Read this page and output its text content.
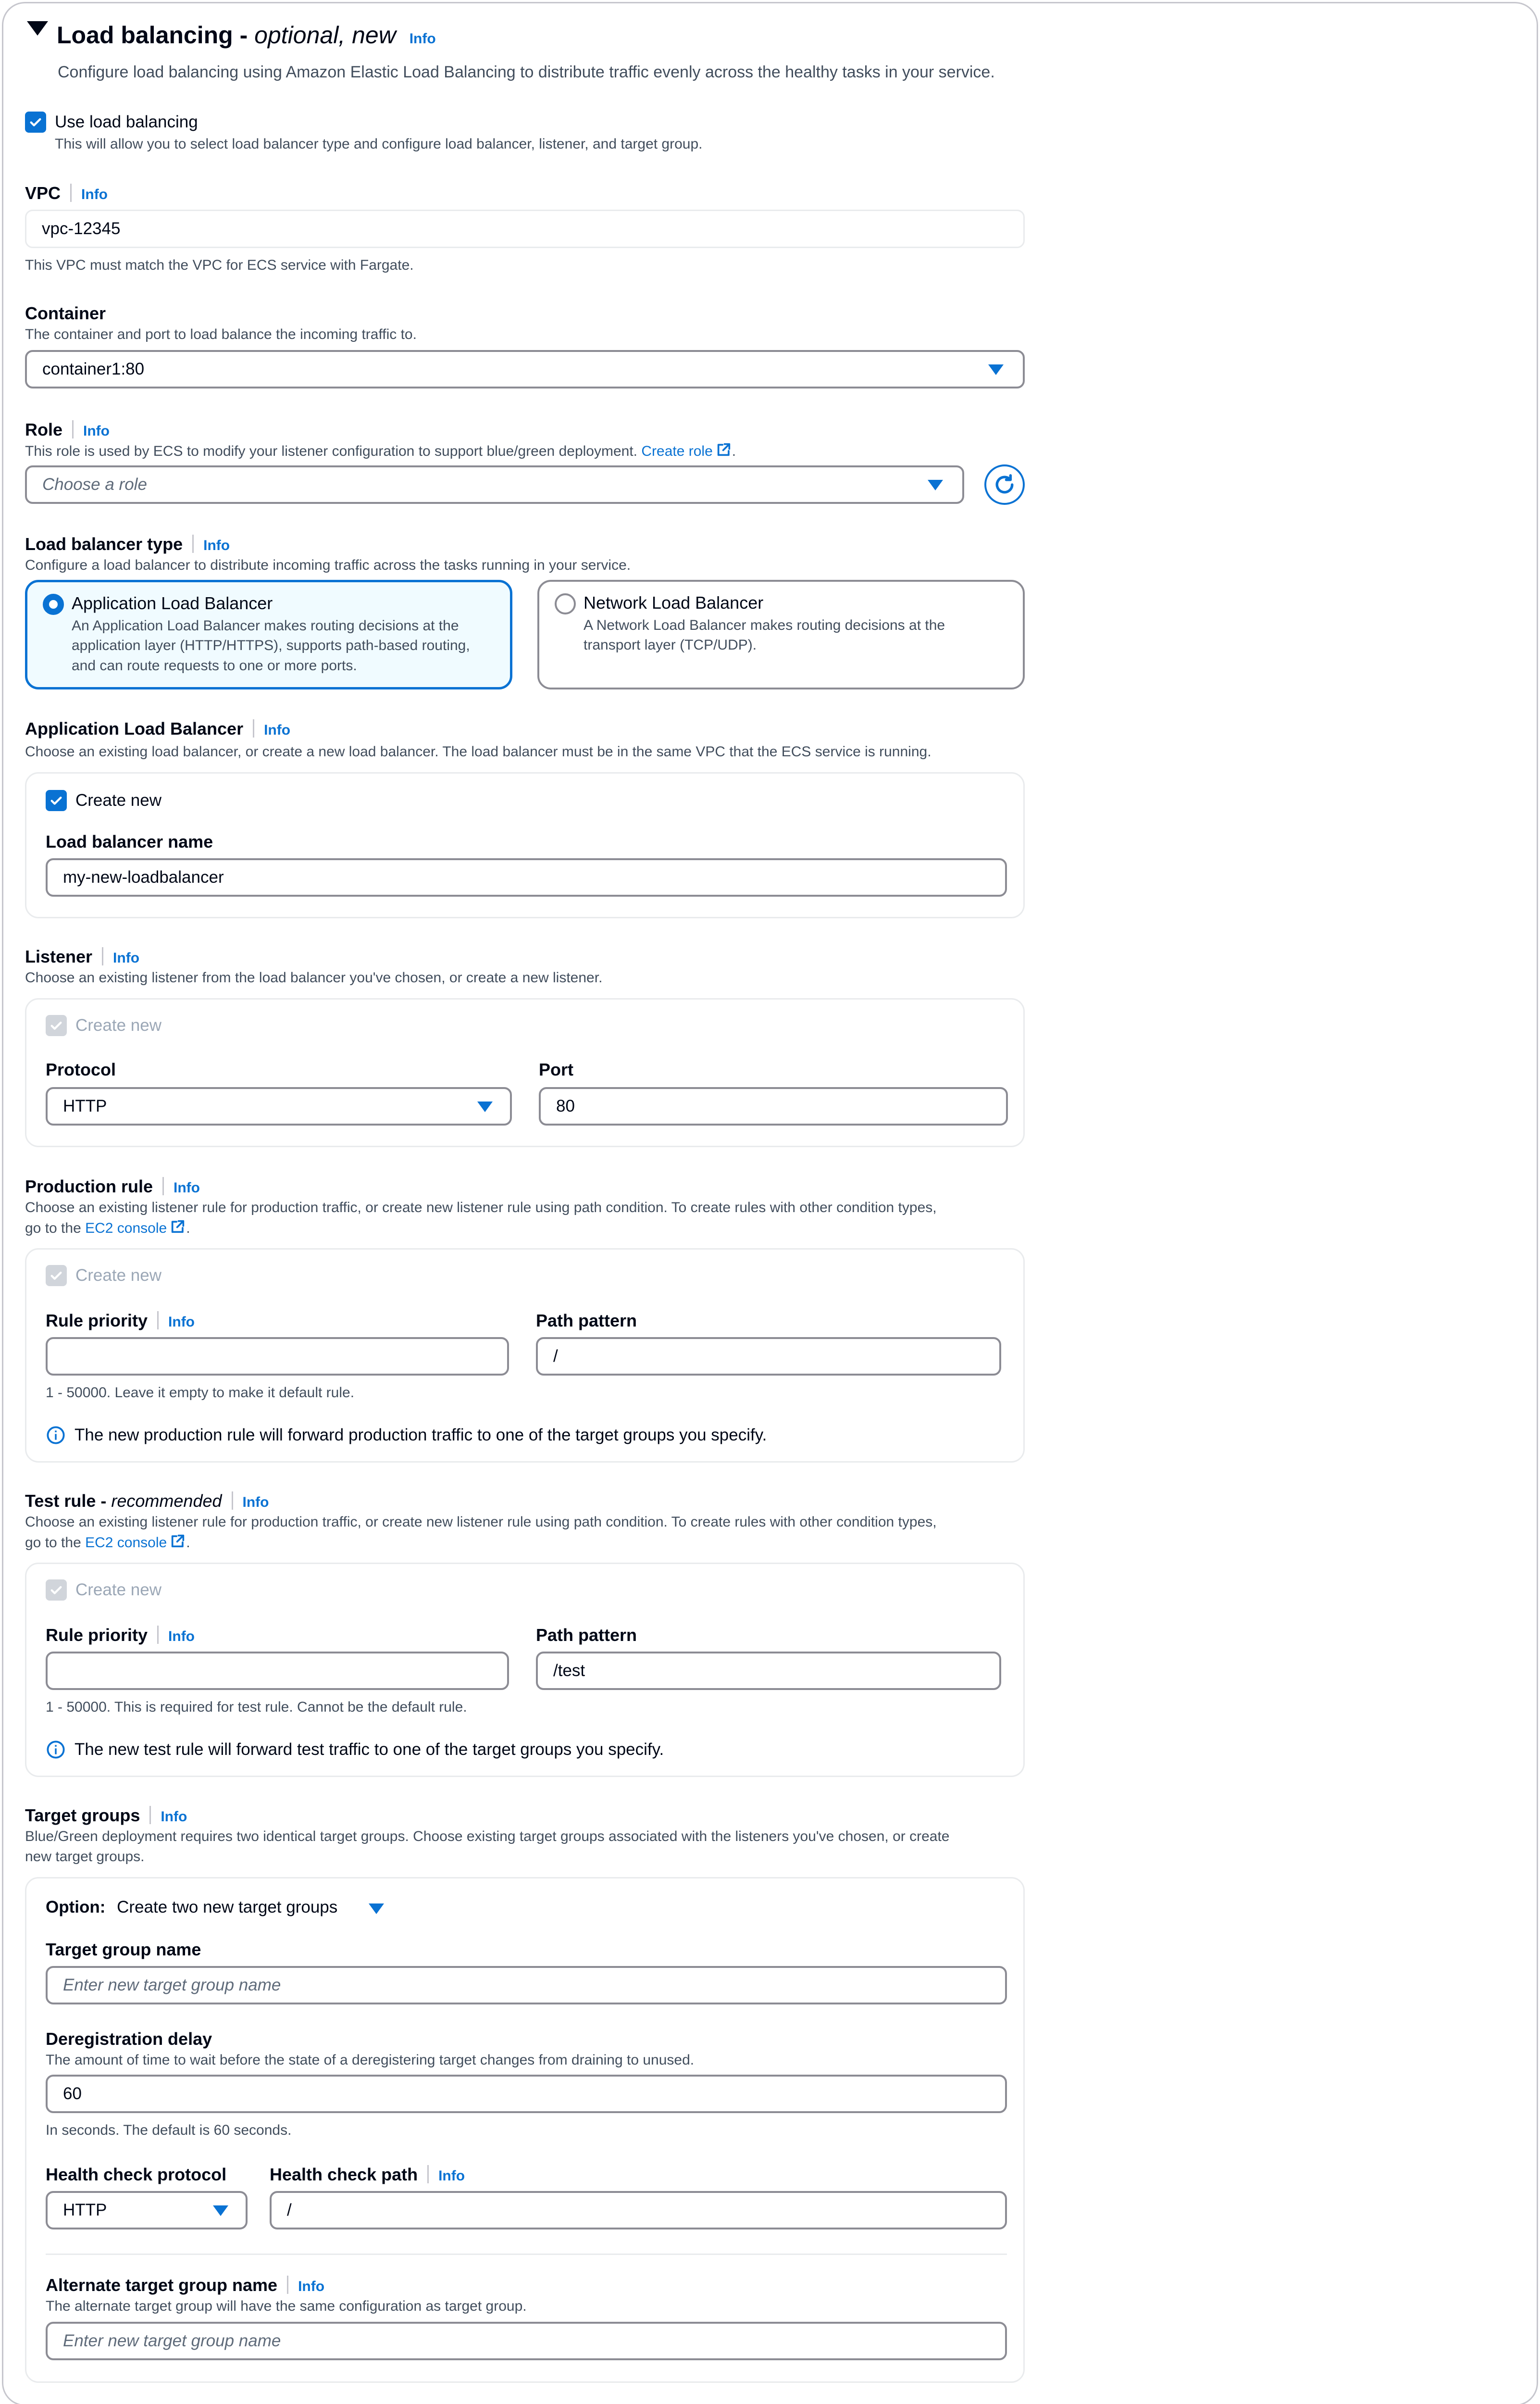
Load balancing - optional, new Info
Configure load balancing using Amazon Elastic Load Balancing to distribute traffic evenly across the healthy tasks in your service.
Use load balancing
This will allow you to select load balancer type and configure load balancer, listener, and target group.
VPC Info
vpc-12345
This VPC must match the VPC for ECS service with Fargate.
Container
The container and port to load balance the incoming traffic to.
container1:80
Role Info
This role is used by ECS to modify your listener configuration to support blue/green deployment. Create role .
Choose a role
Load balancer type Info
Configure a load balancer to distribute incoming traffic across the tasks running in your service.
Application Load Balancer
An Application Load Balancer makes routing decisions at the
application layer (HTTP/HTTPS), supports path-based routing,
and can route requests to one or more ports.
Network Load Balancer
A Network Load Balancer makes routing decisions at the
transport layer (TCP/UDP).
Application Load Balancer Info
Choose an existing load balancer, or create a new load balancer. The load balancer must be in the same VPC that the ECS service is running.
Create new
Load balancer name
my-new-loadbalancer
Listener Info
Choose an existing listener from the load balancer you've chosen, or create a new listener.
Create new
Protocol
HTTP
Port
80
Production rule Info
Choose an existing listener rule for production traffic, or create new listener rule using path condition. To create rules with other condition types,
go to the EC2 console .
Create new
Rule priority Info	Path pattern
/
1 - 50000. Leave it empty to make it default rule.
The new production rule will forward production traffic to one of the target groups you specify.
Test rule - recommended Info
Choose an existing listener rule for production traffic, or create new listener rule using path condition. To create rules with other condition types,
go to the EC2 console .
Create new
Rule priority Info	Path pattern
/test
1 - 50000. This is required for test rule. Cannot be the default rule.
The new test rule will forward test traffic to one of the target groups you specify.
Target groups Info
Blue/Green deployment requires two identical target groups. Choose existing target groups associated with the listeners you've chosen, or create
new target groups.
Option: Create two new target groups
Target group name
Enter new target group name
Deregistration delay
The amount of time to wait before the state of a deregistering target changes from draining to unused.
60
In seconds. The default is 60 seconds.
Health check protocol
HTTP
Health check path Info
/
Alternate target group name Info
The alternate target group will have the same configuration as target group.
Enter new target group name
